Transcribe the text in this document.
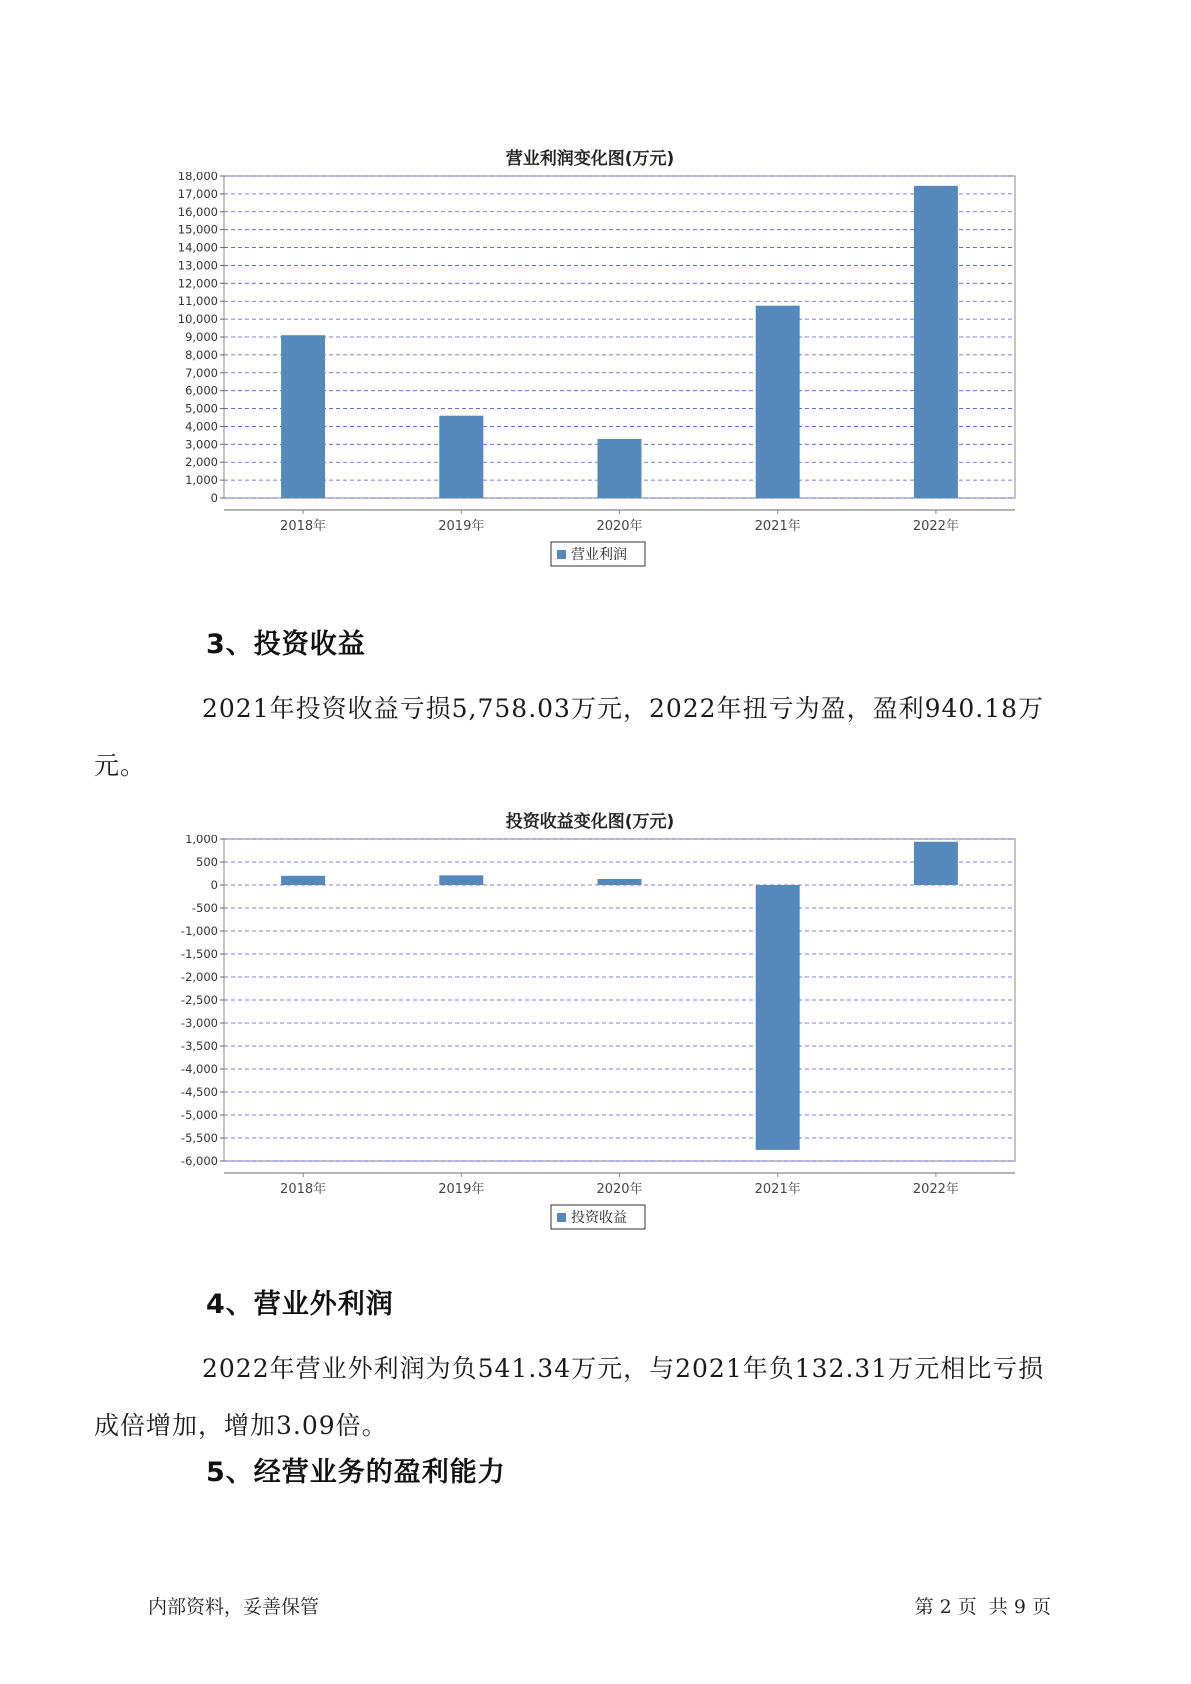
营业利润变化图(万元)
0
1,000
2,000
3,000
4,000
5,000
6,000
7,000
8,000
9,000
10,000
11,000
12,000
13,000
14,000
15,000
16,000
17,000
18,000
2018年	2019年	2020年	2021年	2022年
营业利润
3、投资收益
2021年投资收益亏损5,758.03万元，2022年扭亏为盈，盈利940.18万
元。
投资收益变化图(万元)
1,000
500
0
-500
-1,000
-1,500
-2,000
-2,500
-3,000
-3,500
-4,000
-4,500
-5,000
-5,500
-6,000
2018年	2019年	2020年	2021年	2022年
投资收益
4、营业外利润
2022年营业外利润为负541.34万元，与2021年负132.31万元相比亏损
成倍增加，增加3.09倍。
5、经营业务的盈利能力
内部资料，妥善保管	第 2 页  共 9 页
